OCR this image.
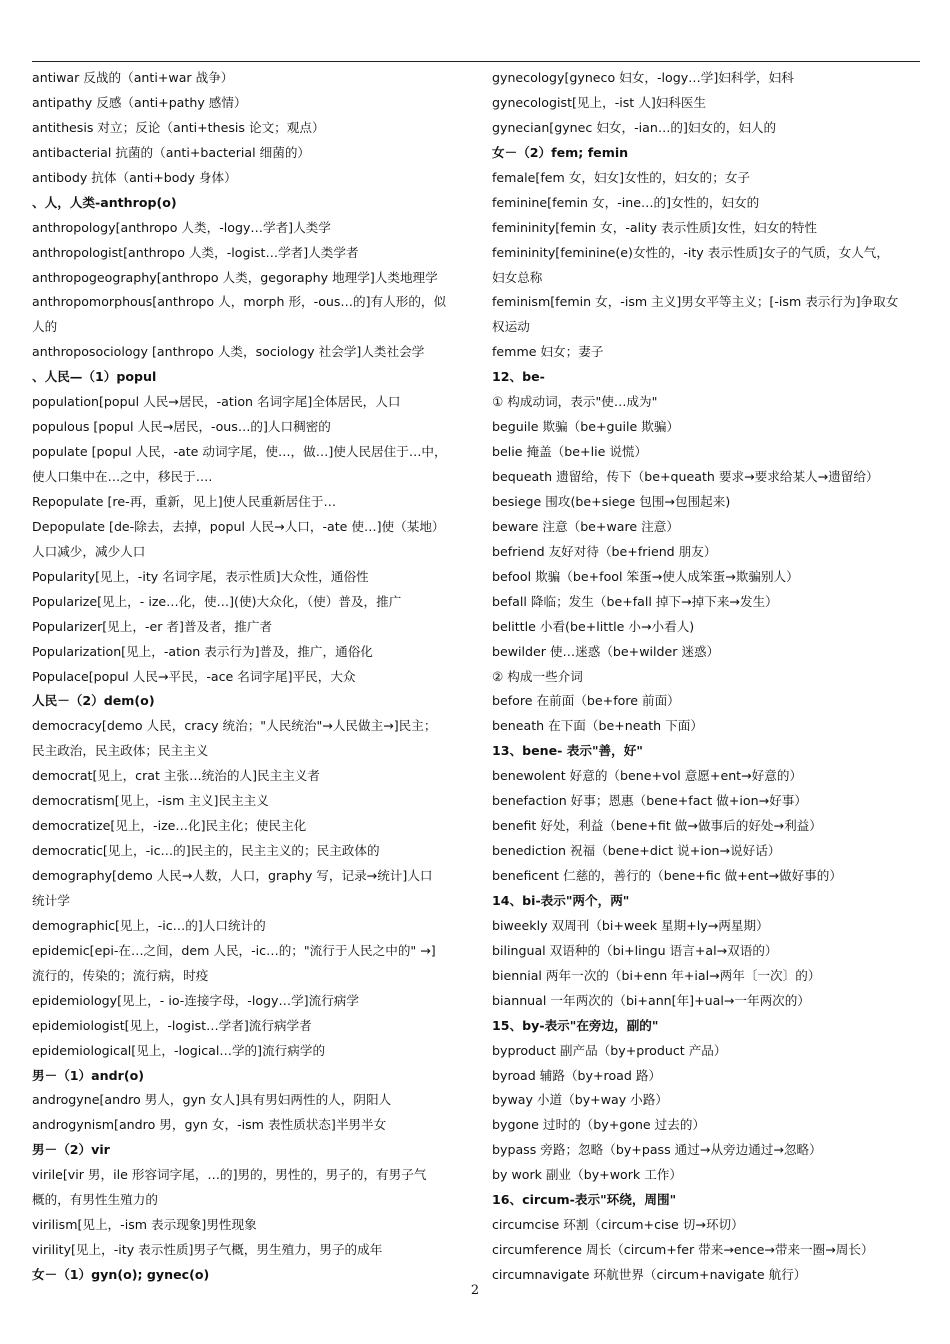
antiwar 反战的（anti+war 战争）
antipathy 反感（anti+pathy 感情）
antithesis 对立；反论（anti+thesis 论文；观点）
antibacterial 抗菌的（anti+bacterial 细菌的）
antibody 抗体（anti+body 身体）
、人，人类-anthrop(o)
anthropology[anthropo 人类，-logy…学者]人类学
anthropologist[anthropo 人类，-logist…学者]人类学者
anthropogeography[anthropo 人类，gegoraphy 地理学]人类地理学
anthropomorphous[anthropo 人，morph 形，-ous…的]有人形的，似
人的
anthroposociology [anthropo 人类，sociology 社会学]人类社会学
、人民—（1）popul
population[popul 人民→居民，-ation 名词字尾]全体居民，人口
populous [popul 人民→居民，-ous…的]人口稠密的
populate [popul 人民，-ate 动词字尾，使…，做…]使人民居住于…中，
使人口集中在…之中，移民于….
Repopulate [re-再，重新，见上]使人民重新居住于…
Depopulate [de-除去，去掉，popul 人民→人口，-ate 使…]使（某地）
人口减少，减少人口
Popularity[见上，-ity 名词字尾，表示性质]大众性，通俗性
Popularize[见上，- ize…化，使…](使)大众化，（使）普及，推广
Popularizer[见上，-er 者]普及者，推广者
Popularization[见上，-ation 表示行为]普及，推广，通俗化
Populace[popul 人民→平民，-ace 名词字尾]平民，大众
人民－（2）dem(o)
democracy[demo 人民，cracy 统治；"人民统治"→人民做主→]民主；
民主政治，民主政体；民主主义
democrat[见上，crat 主张…统治的人]民主主义者
democratism[见上，-ism 主义]民主主义
democratize[见上，-ize…化]民主化；使民主化
democratic[见上，-ic…的]民主的，民主主义的；民主政体的
demography[demo 人民→人数，人口，graphy 写，记录→统计]人口
统计学
demographic[见上，-ic…的]人口统计的
epidemic[epi-在…之间，dem 人民，-ic…的；"流行于人民之中的" →]
流行的，传染的；流行病，时疫
epidemiology[见上，- io-连接字母，-logy…学]流行病学
epidemiologist[见上，-logist…学者]流行病学者
epidemiological[见上，-logical…学的]流行病学的
男－（1）andr(o)
androgyne[andro 男人，gyn 女人]具有男妇两性的人，阴阳人
androgynism[andro 男，gyn 女，-ism 表性质状态]半男半女
男－（2）vir
virile[vir 男，ile 形容词字尾，…的]男的，男性的，男子的，有男子气
概的，有男性生殖力的
virilism[见上，-ism 表示现象]男性现象
virility[见上，-ity 表示性质]男子气概，男生殖力，男子的成年
女－（1）gyn(o); gynec(o)
gynecology[gyneco 妇女，-logy…学]妇科学，妇科
gynecologist[见上，-ist 人]妇科医生
gynecian[gynec 妇女，-ian…的]妇女的，妇人的
女－（2）fem; femin
female[fem 女，妇女]女性的，妇女的；女子
feminine[femin 女，-ine…的]女性的，妇女的
femininity[femin 女，-ality 表示性质]女性，妇女的特性
femininity[feminine(e)女性的，-ity 表示性质]女子的气质，女人气，
妇女总称
feminism[femin 女，-ism 主义]男女平等主义；[-ism 表示行为]争取女
权运动
femme 妇女；妻子
12、be-
① 构成动词，表示"使…成为"
beguile 欺骗（be+guile 欺骗）
belie 掩盖（be+lie 说慌）
bequeath 遗留给，传下（be+queath 要求→要求给某人→遗留给）
besiege 围攻(be+siege 包围→包围起来)
beware 注意（be+ware 注意）
befriend 友好对待（be+friend 朋友）
befool 欺骗（be+fool 笨蛋→使人成笨蛋→欺骗别人）
befall 降临；发生（be+fall 掉下→掉下来→发生）
belittle 小看(be+little 小→小看人)
bewilder 使…迷惑（be+wilder 迷惑）
② 构成一些介词
before 在前面（be+fore 前面）
beneath 在下面（be+neath 下面）
13、bene- 表示"善，好"
benewolent 好意的（bene+vol 意愿+ent→好意的）
benefaction 好事；恩惠（bene+fact 做+ion→好事）
benefit 好处，利益（bene+fit 做→做事后的好处→利益）
benediction 祝福（bene+dict 说+ion→说好话）
beneficent 仁慈的，善行的（bene+fic 做+ent→做好事的）
14、bi-表示"两个，两"
biweekly 双周刊（bi+week 星期+ly→两星期）
bilingual 双语种的（bi+lingu 语言+al→双语的）
biennial 两年一次的（bi+enn 年+ial→两年〔一次〕的）
biannual 一年两次的（bi+ann[年]+ual→一年两次的）
15、by-表示"在旁边，副的"
byproduct 副产品（by+product 产品）
byroad 辅路（by+road 路）
byway 小道（by+way 小路）
bygone 过时的（by+gone 过去的）
bypass 旁路；忽略（by+pass 通过→从旁边通过→忽略）
by work 副业（by+work 工作）
16、circum-表示"环绕，周围"
circumcise 环割（circum+cise 切→环切）
circumference 周长（circum+fer 带来→ence→带来一圈→周长）
circumnavigate 环航世界（circum+navigate 航行）
2
